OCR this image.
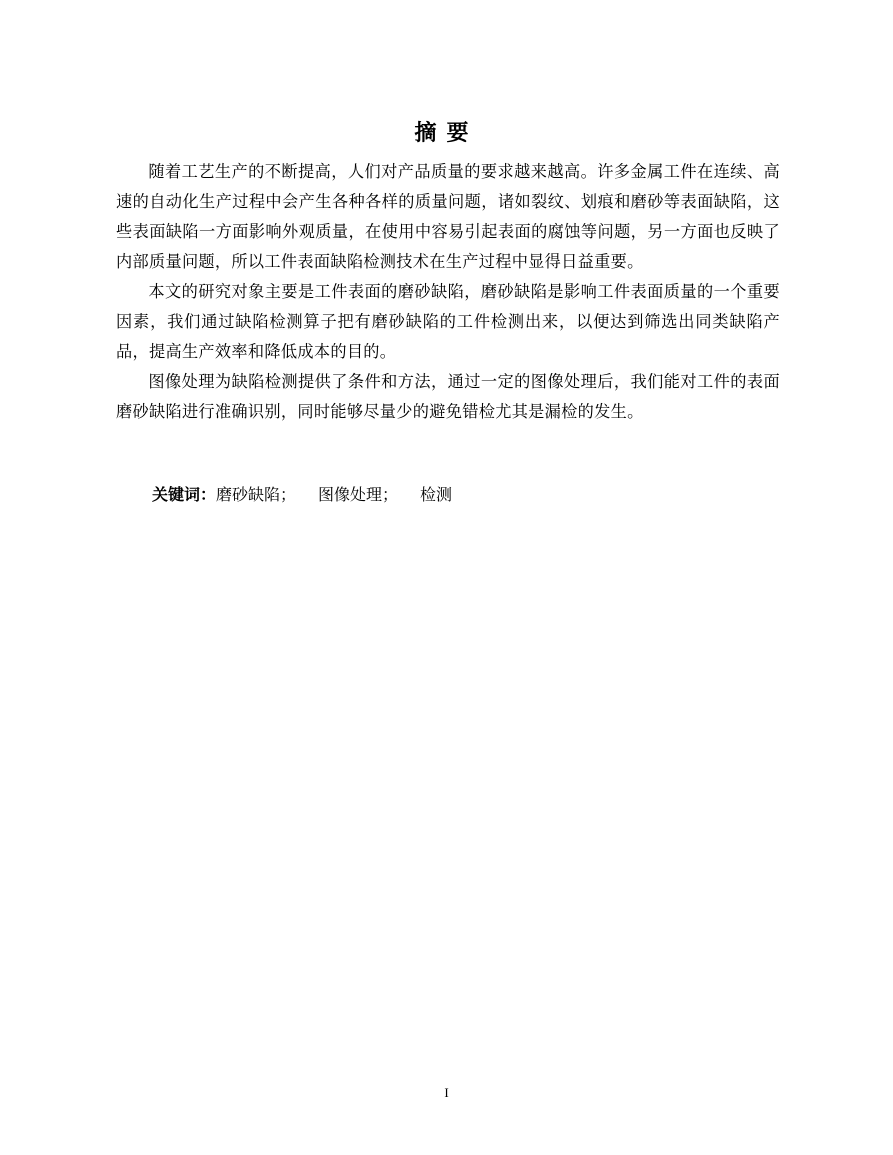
摘要

随着工艺生产的不断提高，人们对产品质量的要求越来越高。许多金属工件在连续、高速的自动化生产过程中会产生各种各样的质量问题，诸如裂纹、划痕和磨砂等表面缺陷，这些表面缺陷一方面影响外观质量，在使用中容易引起表面的腐蚀等问题，另一方面也反映了内部质量问题，所以工件表面缺陷检测技术在生产过程中显得日益重要。

本文的研究对象主要是工件表面的磨砂缺陷，磨砂缺陷是影响工件表面质量的一个重要因素，我们通过缺陷检测算子把有磨砂缺陷的工件检测出来，以便达到筛选出同类缺陷产品，提高生产效率和降低成本的目的。

图像处理为缺陷检测提供了条件和方法，通过一定的图像处理后，我们能对工件的表面磨砂缺陷进行准确识别，同时能够尽量少的避免错检尤其是漏检的发生。

关键词：磨砂缺陷； 图像处理； 检测
I
